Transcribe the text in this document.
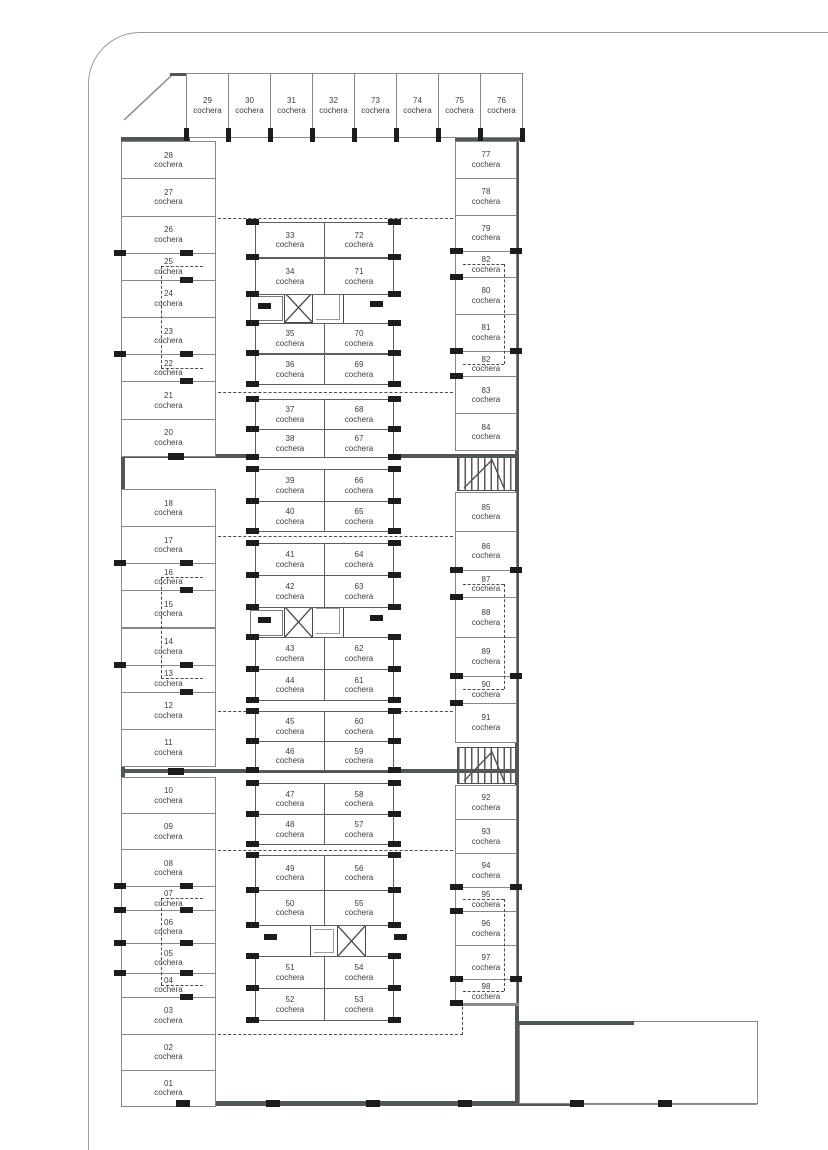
29
cochera
30
cochera
31
cochera
32
cochera
73
cochera
74
cochera
75
cochera
76
cochera
28
cochera
27
cochera
26
cochera
25
cochera
24
cochera
23
cochera
22
cochera
21
cochera
20
cochera
18
cochera
17
cochera
16
cochera
15
cochera
14
cochera
13
cochera
12
cochera
11
cochera
10
cochera
09
cochera
08
cochera
07
cochera
06
cochera
05
cochera
04
cochera
03
cochera
02
cochera
01
cochera
77
cochera
78
cochera
79
cochera
82
cochera
80
cochera
81
cochera
82
cochera
83
cochera
84
cochera
85
cochera
86
cochera
87
cochera
88
cochera
89
cochera
90
cochera
91
cochera
92
cochera
93
cochera
94
cochera
95
cochera
96
cochera
97
cochera
98
cochera
33
cochera
72
cochera
34
cochera
71
cochera
35
cochera
70
cochera
36
cochera
69
cochera
37
cochera
68
cochera
38
cochera
67
cochera
39
cochera
66
cochera
40
cochera
65
cochera
41
cochera
64
cochera
42
cochera
63
cochera
43
cochera
62
cochera
44
cochera
61
cochera
45
cochera
60
cochera
46
cochera
59
cochera
47
cochera
58
cochera
48
cochera
57
cochera
49
cochera
56
cochera
50
cochera
55
cochera
51
cochera
54
cochera
52
cochera
53
cochera
